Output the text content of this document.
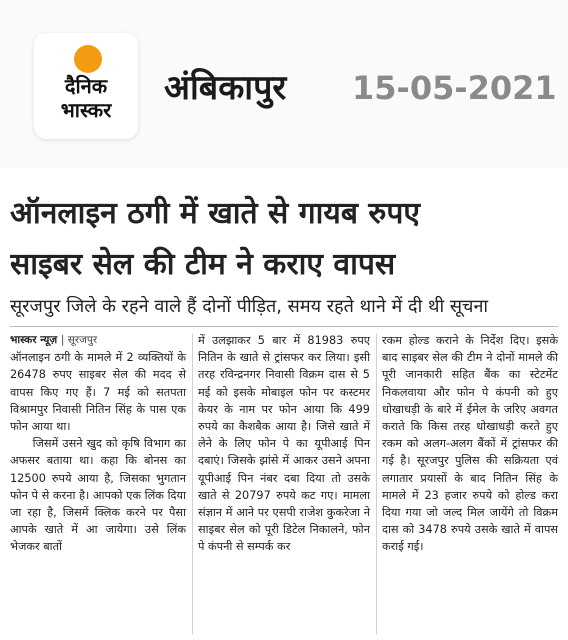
दैनिक
भास्कर
अंबिकापुर 15-05-2021
ऑनलाइन ठगी में खाते से गायब रुपए
साइबर सेल की टीम ने कराए वापस
सूरजपुर जिले के रहने वाले हैं दोनों पीड़ित, समय रहते थाने में दी थी सूचना

भास्कर न्यूज़ | सूरजपुर

ऑनलाइन ठगी के मामले में 2 व्यक्तियों के 26478 रुपए साइबर सेल की मदद से वापस किए गए हैं। 7 मई को सतपता विश्रामपुर निवासी नितिन सिंह के पास एक फोन आया था।

जिसमें उसने खुद को कृषि विभाग का अफसर बताया था। कहा कि बोनस का 12500 रुपये आया है, जिसका भुगतान फोन पे से करना है। आपको एक लिंक दिया जा रहा है, जिसमें क्लिक करने पर पैसा आपके खाते में आ जायेगा। उसे लिंक भेजकर बातों

में उलझाकर 5 बार में 81983 रुपए नितिन के खाते से ट्रांसफर कर लिया। इसी तरह रविन्द्रनगर निवासी विक्रम दास से 5 मई को इसके मोबाइल फोन पर कस्टमर केयर के नाम पर फोन आया कि 499 रुपये का कैशबैक आया है। जिसे खाते में लेने के लिए फोन पे का यूपीआई पिन दबाएं। जिसके झांसे में आकर उसने अपना यूपीआई पिन नंबर दबा दिया तो उसके खाते से 20797 रुपये कट गए। मामला संज्ञान में आने पर एसपी राजेश कुकरेजा ने साइबर सेल को पूरी डिटेल निकालने, फोन पे कंपनी से सम्पर्क कर

रकम होल्ड कराने के निर्देश दिए। इसके बाद साइबर सेल की टीम ने दोनों मामले की पूरी जानकारी सहित बैंक का स्टेटमेंट निकलवाया और फोन पे कंपनी को हुए धोखाधड़ी के बारे में ईमेल के जरिए अवगत कराते कि किस तरह धोखाधड़ी करते हुए रकम को अलग-अलग बैंकों में ट्रांसफर की गई है। सूरजपुर पुलिस की सक्रियता एवं लगातार प्रयासों के बाद नितिन सिंह के मामले में 23 हजार रुपये को होल्ड करा दिया गया जो जल्द मिल जायेंगे तो विक्रम दास को 3478 रुपये उसके खाते में वापस कराई गई।
